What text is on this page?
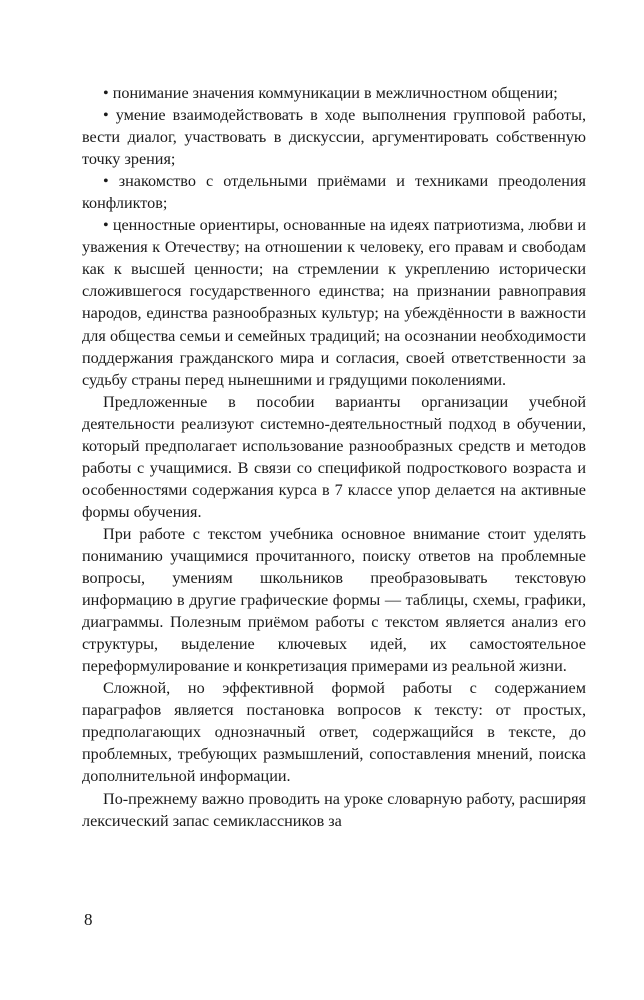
• понимание значения коммуникации в межличностном общении;

• умение взаимодействовать в ходе выполнения групповой работы, вести диалог, участвовать в дискуссии, аргументировать собственную точку зрения;

• знакомство с отдельными приёмами и техниками преодоления конфликтов;

• ценностные ориентиры, основанные на идеях патриотизма, любви и уважения к Отечеству; на отношении к человеку, его правам и свободам как к высшей ценности; на стремлении к укреплению исторически сложившегося государственного единства; на признании равноправия народов, единства разнообразных культур; на убеждённости в важности для общества семьи и семейных традиций; на осознании необходимости поддержания гражданского мира и согласия, своей ответственности за судьбу страны перед нынешними и грядущими поколениями.

Предложенные в пособии варианты организации учебной деятельности реализуют системно-деятельностный подход в обучении, который предполагает использование разнообразных средств и методов работы с учащимися. В связи со спецификой подросткового возраста и особенностями содержания курса в 7 классе упор делается на активные формы обучения.

При работе с текстом учебника основное внимание стоит уделять пониманию учащимися прочитанного, поиску ответов на проблемные вопросы, умениям школьников преобразовывать текстовую информацию в другие графические формы — таблицы, схемы, графики, диаграммы. Полезным приёмом работы с текстом является анализ его структуры, выделение ключевых идей, их самостоятельное переформулирование и конкретизация примерами из реальной жизни.

Сложной, но эффективной формой работы с содержанием параграфов является постановка вопросов к тексту: от простых, предполагающих однозначный ответ, содержащийся в тексте, до проблемных, требующих размышлений, сопоставления мнений, поиска дополнительной информации.

По-прежнему важно проводить на уроке словарную работу, расширяя лексический запас семиклассников за

8
